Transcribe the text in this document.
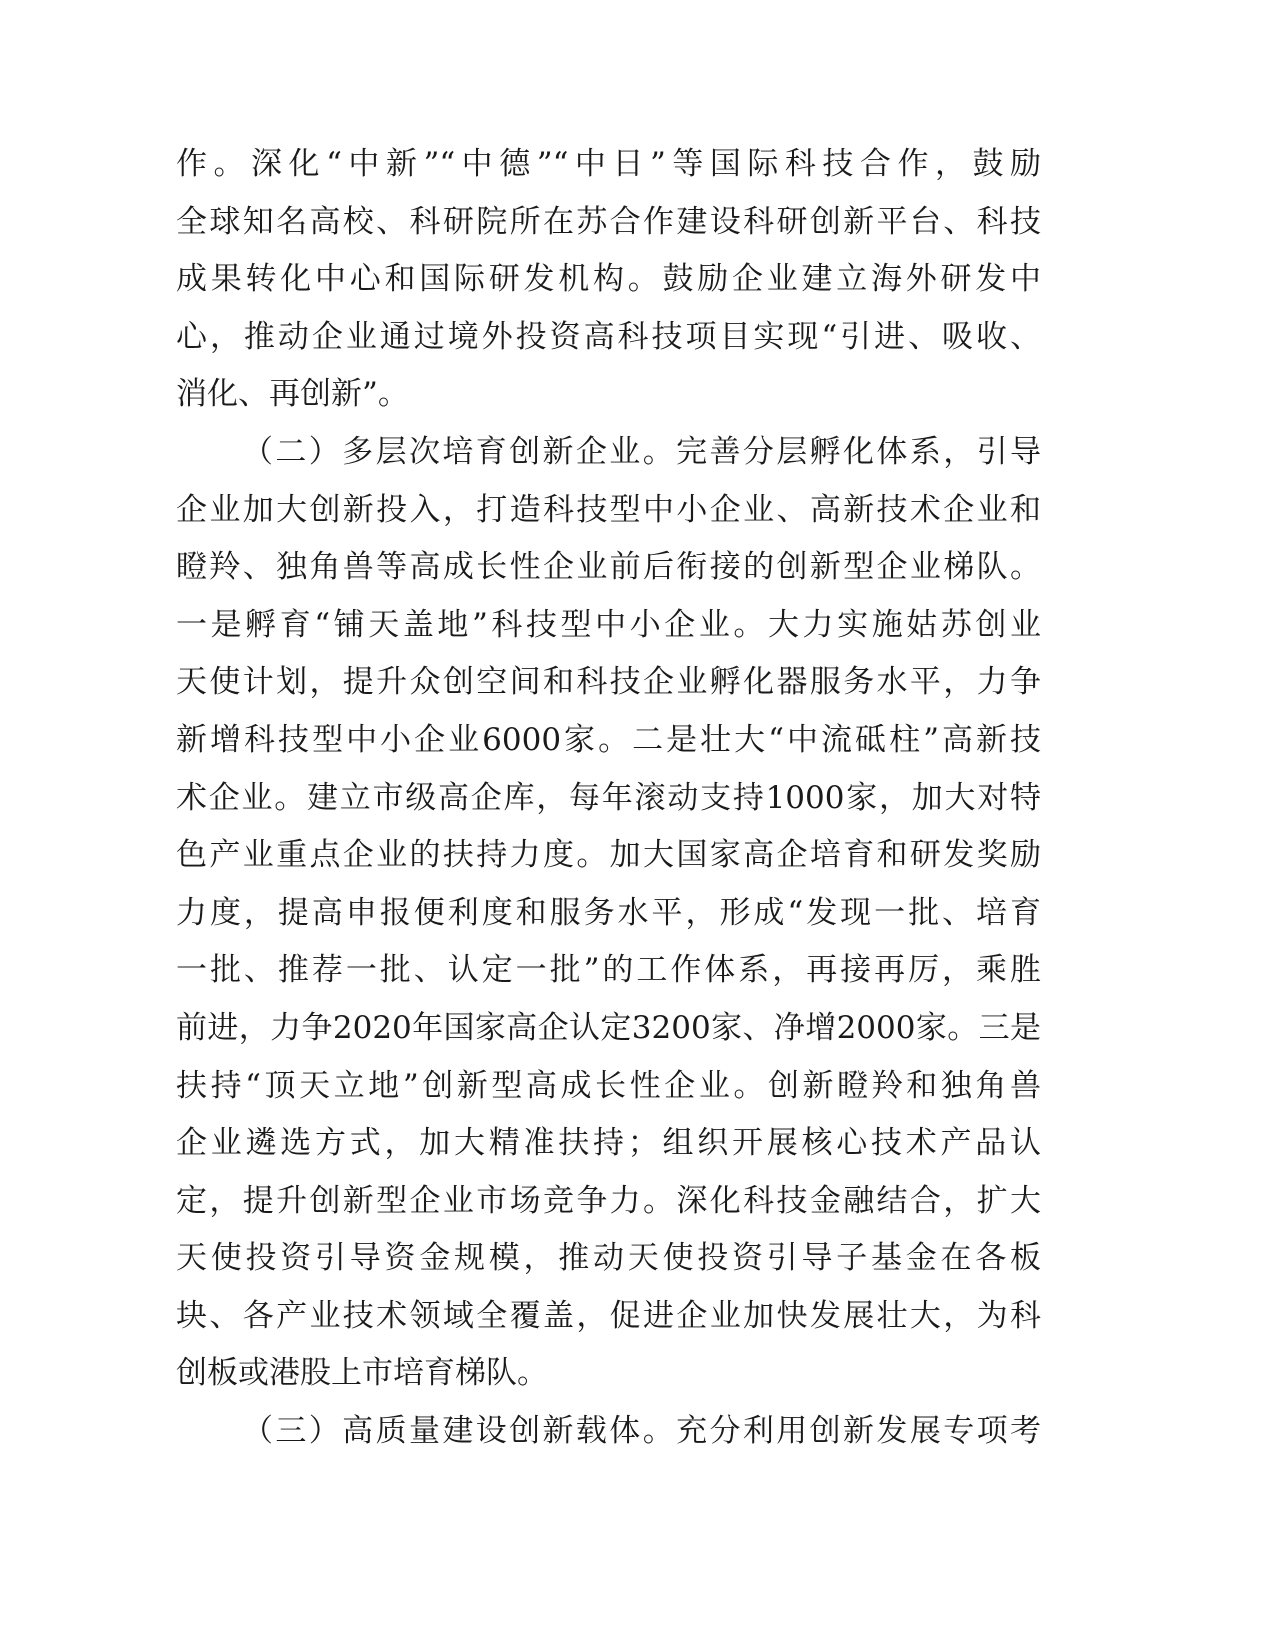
作。深化“中新”“中德”“中日”等国际科技合作，鼓励
全球知名高校、科研院所在苏合作建设科研创新平台、科技
成果转化中心和国际研发机构。鼓励企业建立海外研发中
心，推动企业通过境外投资高科技项目实现“引进、吸收、
消化、再创新”。
（二）多层次培育创新企业。完善分层孵化体系，引导
企业加大创新投入，打造科技型中小企业、高新技术企业和
瞪羚、独角兽等高成长性企业前后衔接的创新型企业梯队。
一是孵育“铺天盖地”科技型中小企业。大力实施姑苏创业
天使计划，提升众创空间和科技企业孵化器服务水平，力争
新增科技型中小企业6000家。二是壮大“中流砥柱”高新技
术企业。建立市级高企库，每年滚动支持1000家，加大对特
色产业重点企业的扶持力度。加大国家高企培育和研发奖励
力度，提高申报便利度和服务水平，形成“发现一批、培育
一批、推荐一批、认定一批”的工作体系，再接再厉，乘胜
前进，力争2020年国家高企认定3200家、净增2000家。三是
扶持“顶天立地”创新型高成长性企业。创新瞪羚和独角兽
企业遴选方式，加大精准扶持；组织开展核心技术产品认
定，提升创新型企业市场竞争力。深化科技金融结合，扩大
天使投资引导资金规模，推动天使投资引导子基金在各板
块、各产业技术领域全覆盖，促进企业加快发展壮大，为科
创板或港股上市培育梯队。
（三）高质量建设创新载体。充分利用创新发展专项考
